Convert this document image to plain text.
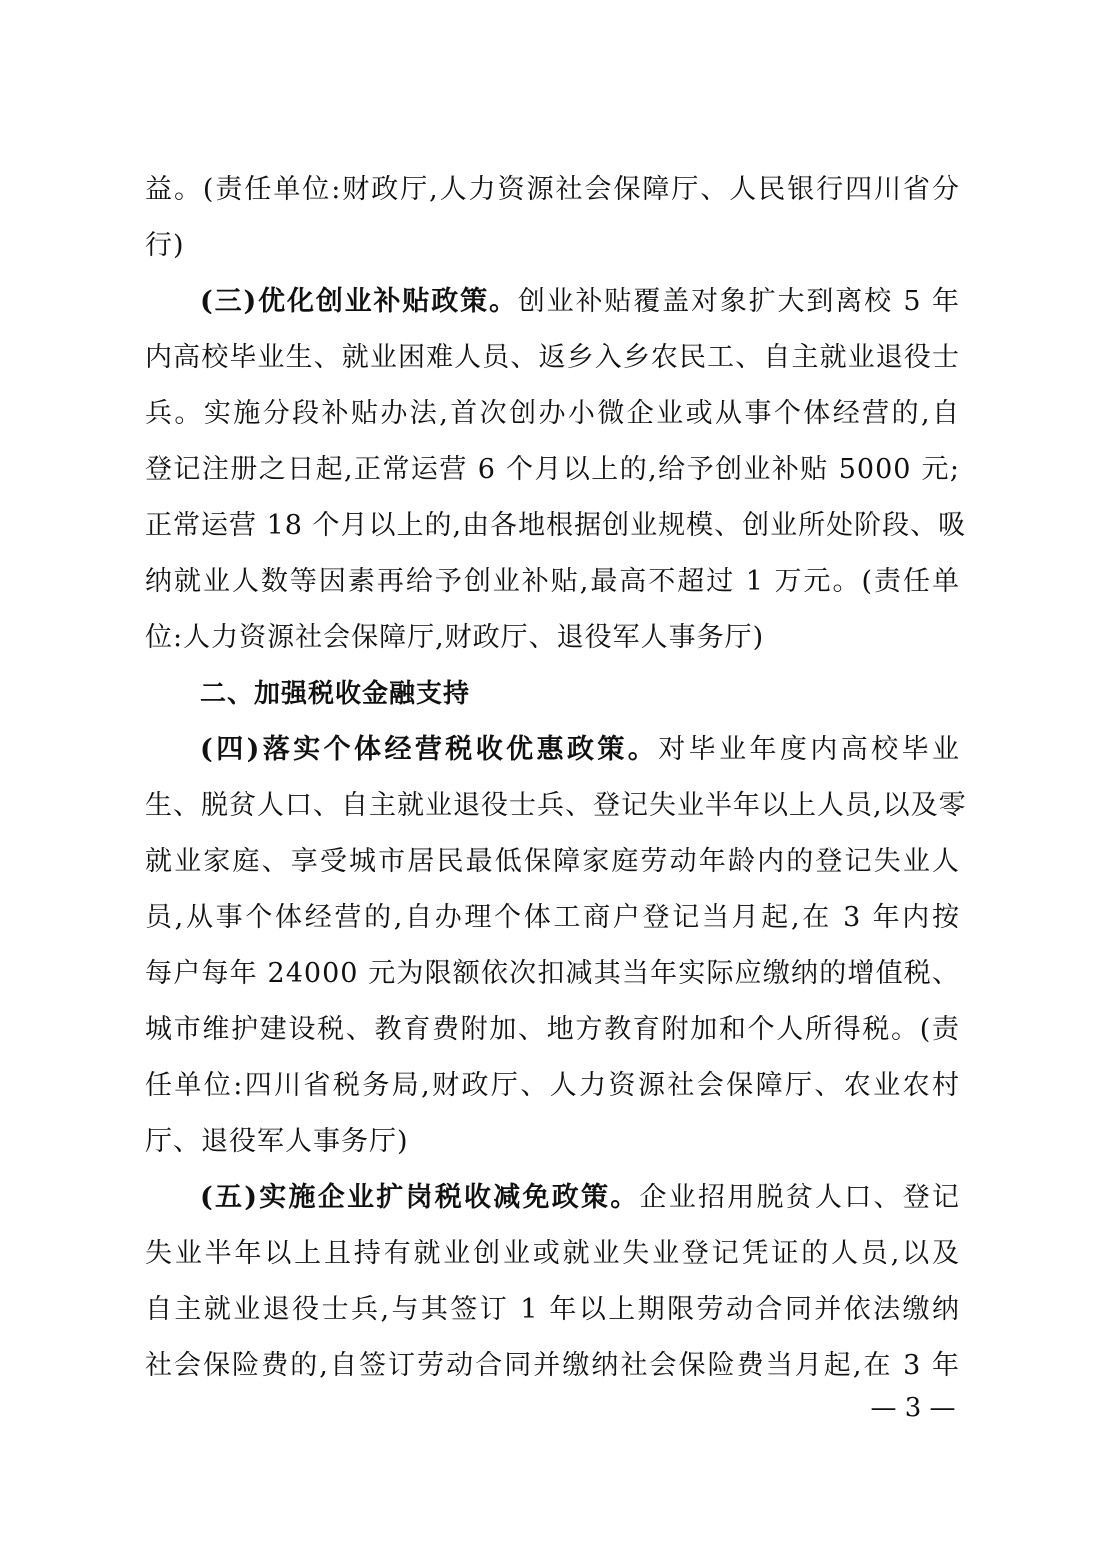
益。(责任单位:财政厅,人力资源社会保障厅、人民银行四川省分
行)
(三)优化创业补贴政策。创业补贴覆盖对象扩大到离校 5 年
内高校毕业生、就业困难人员、返乡入乡农民工、自主就业退役士
兵。实施分段补贴办法,首次创办小微企业或从事个体经营的,自
登记注册之日起,正常运营 6 个月以上的,给予创业补贴 5000 元;
正常运营 18 个月以上的,由各地根据创业规模、创业所处阶段、吸
纳就业人数等因素再给予创业补贴,最高不超过 1 万元。(责任单
位:人力资源社会保障厅,财政厅、退役军人事务厅)
二、加强税收金融支持
(四)落实个体经营税收优惠政策。对毕业年度内高校毕业
生、脱贫人口、自主就业退役士兵、登记失业半年以上人员,以及零
就业家庭、享受城市居民最低保障家庭劳动年龄内的登记失业人
员,从事个体经营的,自办理个体工商户登记当月起,在 3 年内按
每户每年 24000 元为限额依次扣减其当年实际应缴纳的增值税、
城市维护建设税、教育费附加、地方教育附加和个人所得税。(责
任单位:四川省税务局,财政厅、人力资源社会保障厅、农业农村
厅、退役军人事务厅)
(五)实施企业扩岗税收减免政策。企业招用脱贫人口、登记
失业半年以上且持有就业创业或就业失业登记凭证的人员,以及
自主就业退役士兵,与其签订 1 年以上期限劳动合同并依法缴纳
社会保险费的,自签订劳动合同并缴纳社会保险费当月起,在 3 年
— 3 —
